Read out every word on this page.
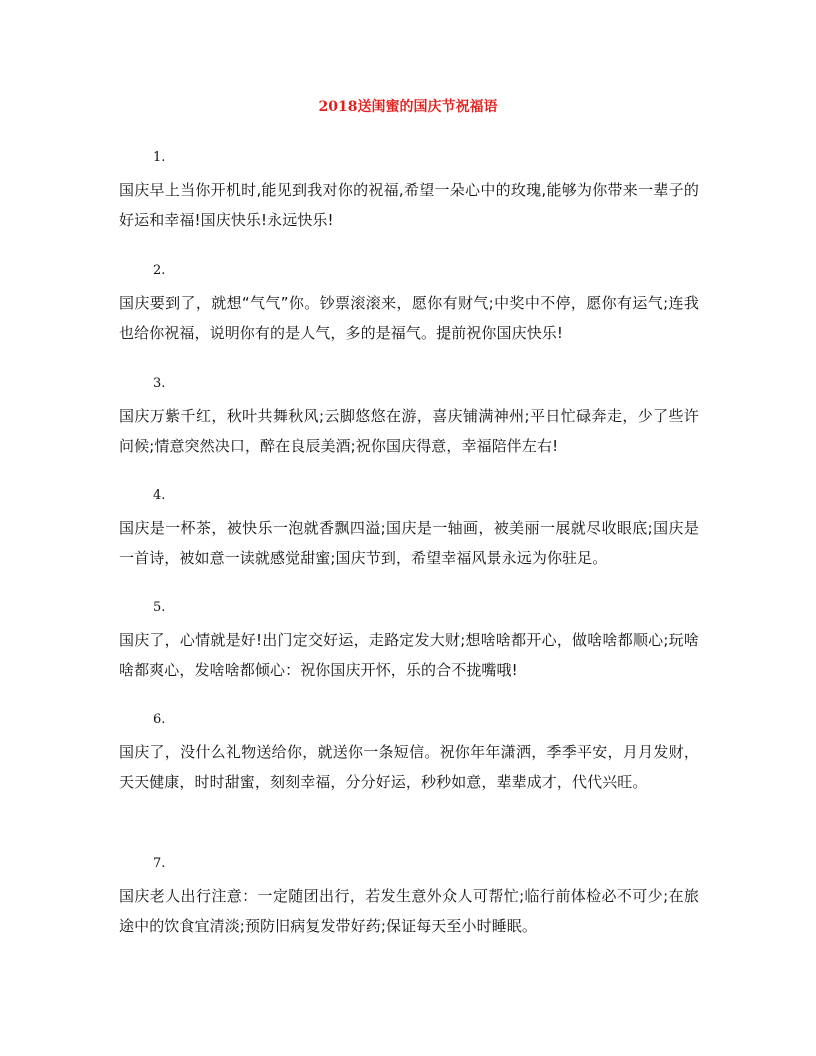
2018送闺蜜的国庆节祝福语
1.

国庆早上当你开机时,能见到我对你的祝福,希望一朵心中的玫瑰,能够为你带来一辈子的好运和幸福!国庆快乐!永远快乐!

2.

国庆要到了，就想“气气”你。钞票滚滚来，愿你有财气;中奖中不停，愿你有运气;连我也给你祝福，说明你有的是人气，多的是福气。提前祝你国庆快乐!

3.

国庆万紫千红，秋叶共舞秋风;云脚悠悠在游，喜庆铺满神州;平日忙碌奔走，少了些许问候;情意突然决口，醉在良辰美酒;祝你国庆得意，幸福陪伴左右!

4.

国庆是一杯茶，被快乐一泡就香飘四溢;国庆是一轴画，被美丽一展就尽收眼底;国庆是一首诗，被如意一读就感觉甜蜜;国庆节到，希望幸福风景永远为你驻足。

5.

国庆了，心情就是好!出门定交好运，走路定发大财;想啥啥都开心，做啥啥都顺心;玩啥啥都爽心，发啥啥都倾心：祝你国庆开怀，乐的合不拢嘴哦!

6.

国庆了，没什么礼物送给你，就送你一条短信。祝你年年潇洒，季季平安，月月发财，天天健康，时时甜蜜，刻刻幸福，分分好运，秒秒如意，辈辈成才，代代兴旺。

7.

国庆老人出行注意：一定随团出行，若发生意外众人可帮忙;临行前体检必不可少;在旅途中的饮食宜清淡;预防旧病复发带好药;保证每天至小时睡眠。
